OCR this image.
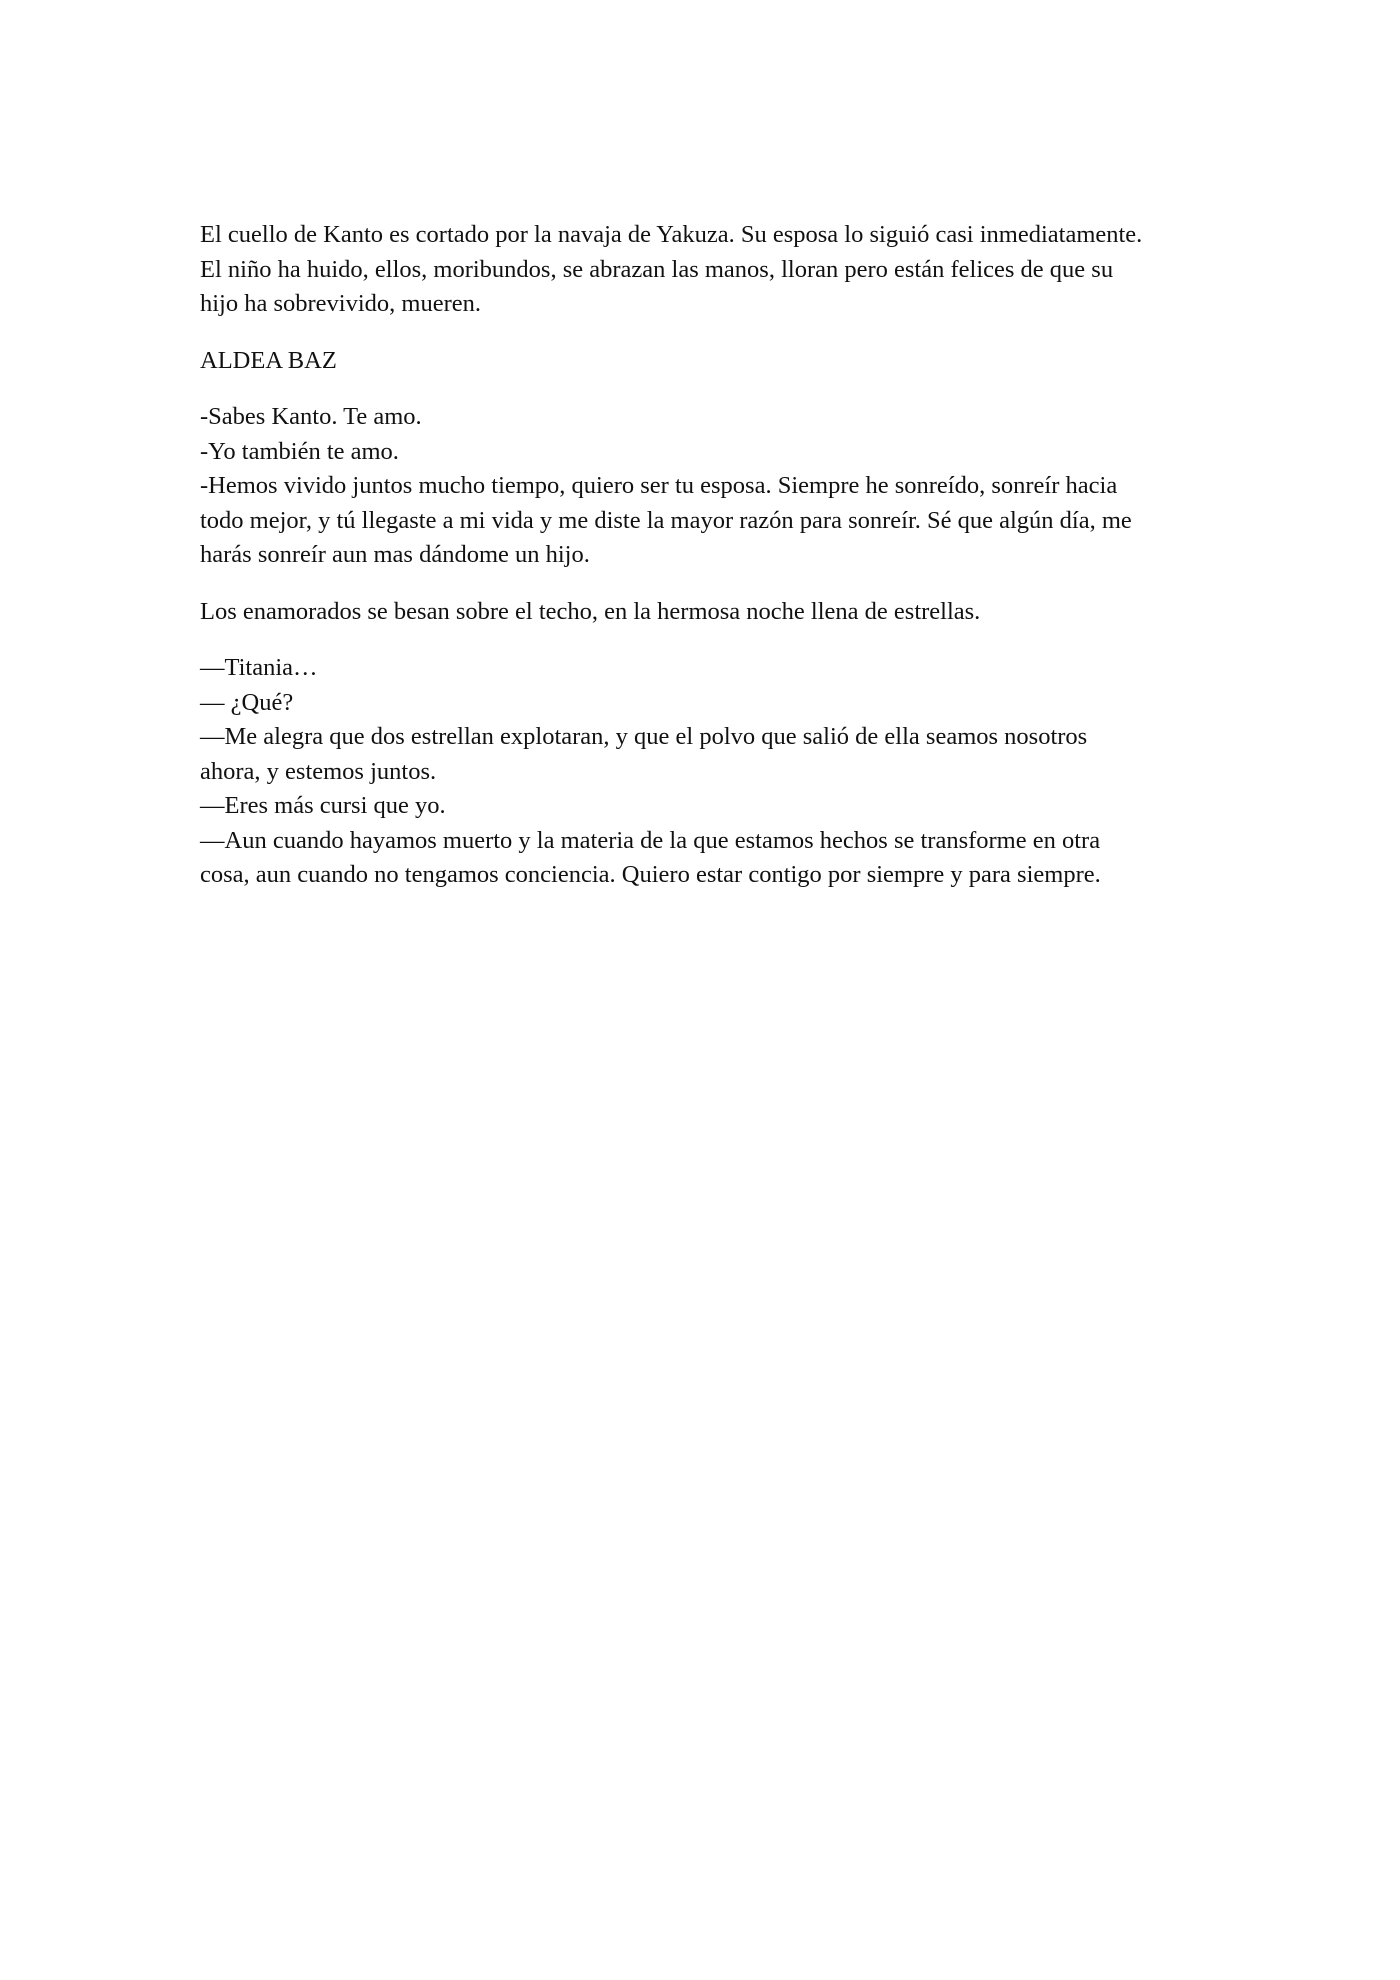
El cuello de Kanto es cortado por la navaja de Yakuza. Su esposa lo siguió casi inmediatamente.
El niño ha huido, ellos, moribundos, se abrazan las manos, lloran pero están felices de que su
hijo ha sobrevivido, mueren.

ALDEA BAZ

-Sabes Kanto. Te amo.
-Yo también te amo.
-Hemos vivido juntos mucho tiempo, quiero ser tu esposa. Siempre he sonreído, sonreír hacia
todo mejor, y tú llegaste a mi vida y me diste la mayor razón para sonreír. Sé que algún día, me
harás sonreír aun mas dándome un hijo.

Los enamorados se besan sobre el techo, en la hermosa noche llena de estrellas.

—Titania…
— ¿Qué?
—Me alegra que dos estrellan explotaran, y que el polvo que salió de ella seamos nosotros
ahora, y estemos juntos.
—Eres más cursi que yo.
—Aun cuando hayamos muerto y la materia de la que estamos hechos se transforme en otra
cosa, aun cuando no tengamos conciencia. Quiero estar contigo por siempre y para siempre.
